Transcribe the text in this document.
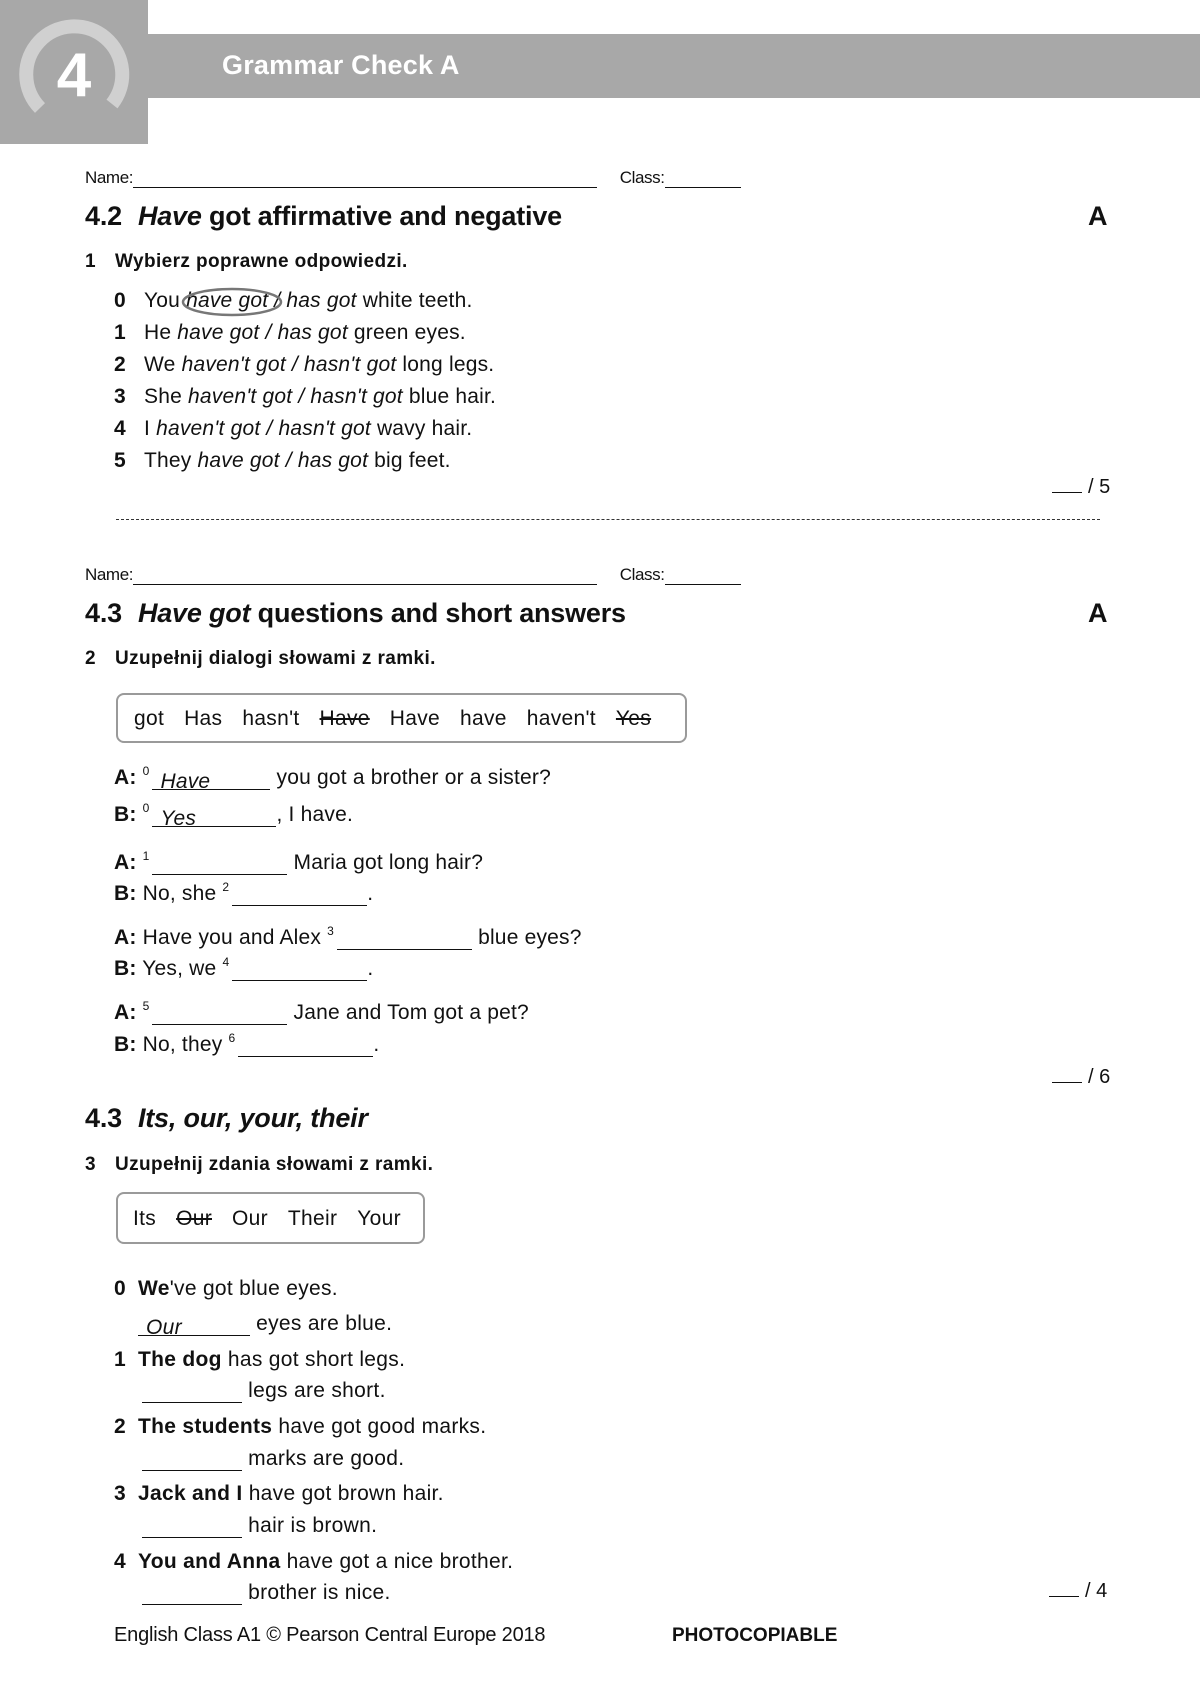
4	Grammar Check A
Name:	Class:
4.2 Have got affirmative and negative	A
1 Wybierz poprawne odpowiedzi.
0 You have got
/ has got white teeth.
1 He have got / has got green eyes.
2 We haven't got / hasn't got long legs.
3 She haven't got / hasn't got blue hair.
4 I haven't got / hasn't got wavy hair.
5 They have got / has got big feet.
/ 5
Name:	Class:
4.3 Have got questions and short answers	A
2 Uzupełnij dialogi słowami z ramki.
got Has hasn't Have Have have haven't Yes
A: $^0$ Have	you got a brother or a sister?
B: $^0$ Yes	, I have.
A: $^1$	Maria got long hair?
B: No, she $^2$	.
A: Have you and Alex $^3$	blue eyes?
B: Yes, we $^4$	.
A: $^5$	Jane and Tom got a pet?
B: No, they $^6$	.
/ 6
4.3 Its, our, your, their
3 Uzupełnij zdania słowami z ramki.
Its Our Our Their Your
0 We've got blue eyes.
Our	eyes are blue.
1 The dog has got short legs.
legs are short.
2 The students have got good marks.
marks are good.
3 Jack and I have got brown hair.
hair is brown.
4 You and Anna have got a nice brother.
brother is nice.	/ 4
English Class A1 © Pearson Central Europe 2018	PHOTOCOPIABLE
